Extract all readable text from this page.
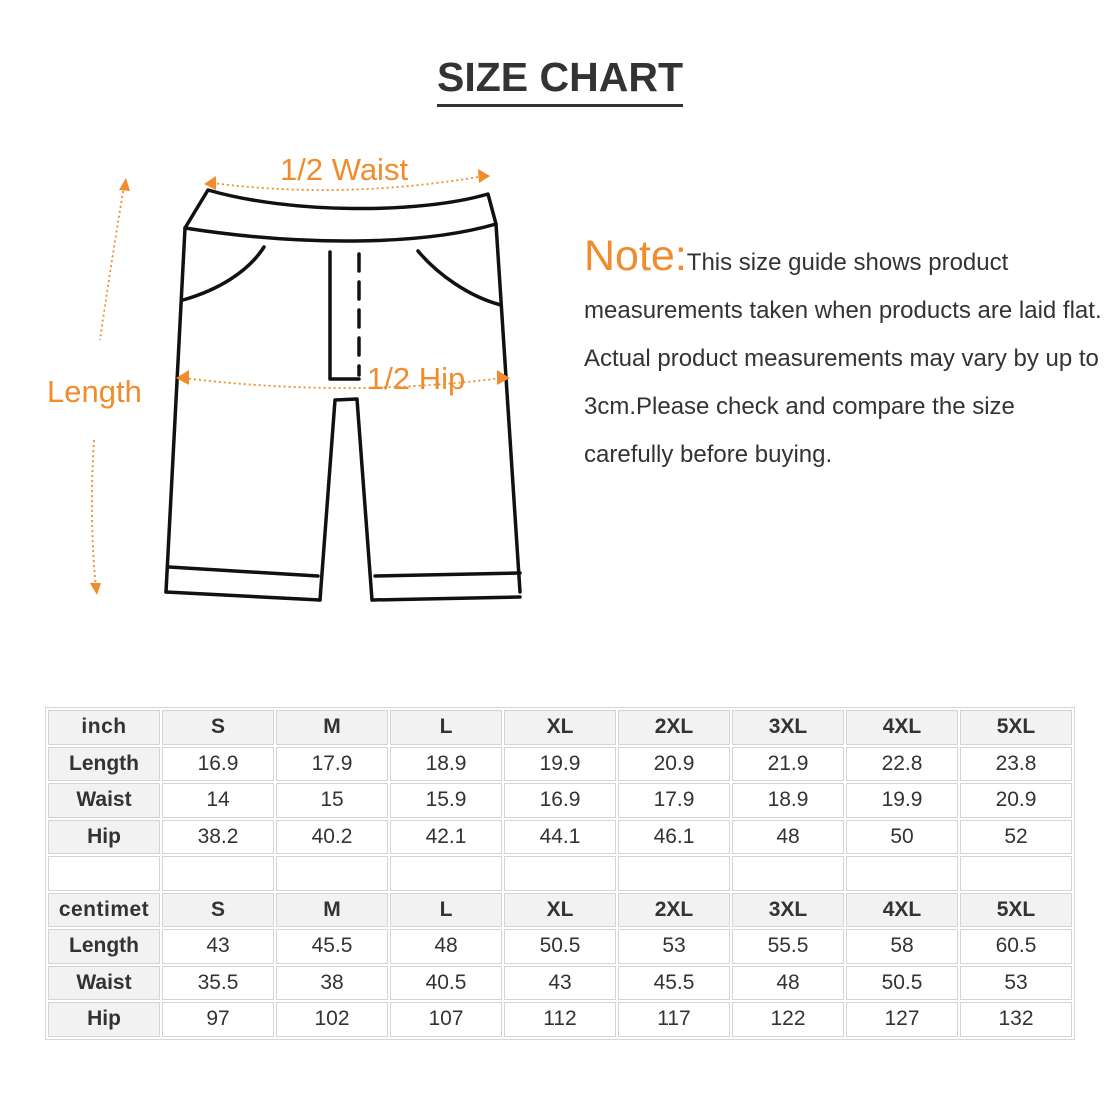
SIZE CHART
1/2 Waist
1/2 Hip
Length
Note:This size guide shows product measurements taken when products are laid flat. Actual product measurements may vary by up to 3cm.Please check and compare the size carefully before buying.
inch	S	M	L	XL	2XL	3XL	4XL	5XL
Length	16.9	17.9	18.9	19.9	20.9	21.9	22.8	23.8
Waist	14	15	15.9	16.9	17.9	18.9	19.9	20.9
Hip	38.2	40.2	42.1	44.1	46.1	48	50	52

centimet	S	M	L	XL	2XL	3XL	4XL	5XL
Length	43	45.5	48	50.5	53	55.5	58	60.5
Waist	35.5	38	40.5	43	45.5	48	50.5	53
Hip	97	102	107	112	117	122	127	132
